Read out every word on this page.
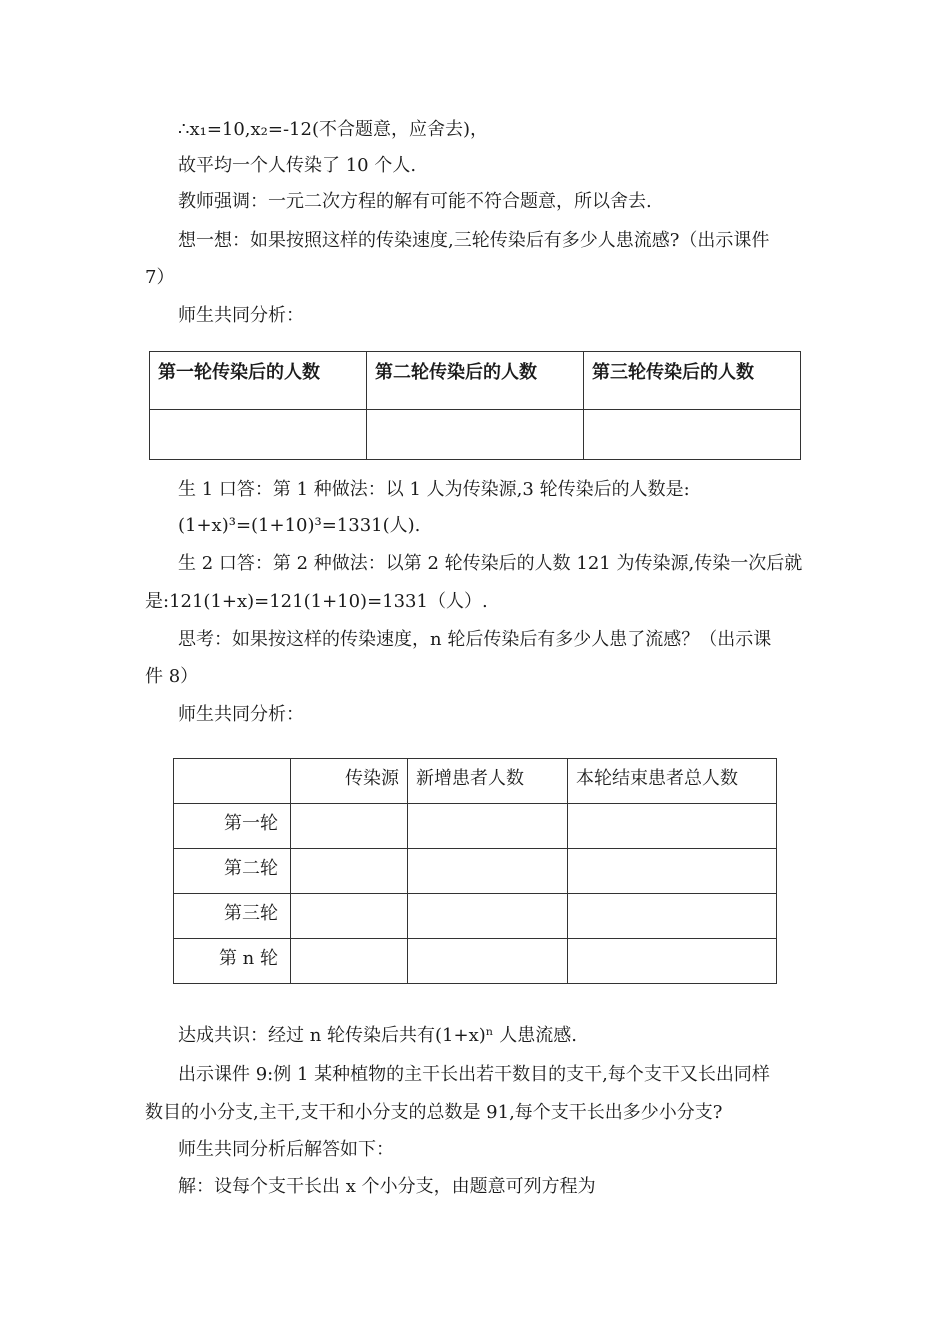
∴x₁=10,x₂=-12(不合题意，应舍去)，
故平均一个人传染了 10 个人.
教师强调：一元二次方程的解有可能不符合题意，所以舍去.
想一想：如果按照这样的传染速度,三轮传染后有多少人患流感?（出示课件
7）
师生共同分析：
第一轮传染后的人数	第二轮传染后的人数	第三轮传染后的人数

生 1 口答：第 1 种做法：以 1 人为传染源,3 轮传染后的人数是:
(1+x)³=(1+10)³=1331(人).
生 2 口答：第 2 种做法：以第 2 轮传染后的人数 121 为传染源,传染一次后就
是:121(1+x)=121(1+10)=1331（人）.
思考：如果按这样的传染速度，n 轮后传染后有多少人患了流感？（出示课
件 8）
师生共同分析：
	传染源	新增患者人数	本轮结束患者总人数
第一轮			
第二轮			
第三轮			
第 n 轮			
达成共识：经过 n 轮传染后共有(1+x)ⁿ 人患流感.
出示课件 9:例 1 某种植物的主干长出若干数目的支干,每个支干又长出同样
数目的小分支,主干,支干和小分支的总数是 91,每个支干长出多少小分支?
师生共同分析后解答如下：
解：设每个支干长出 x 个小分支，由题意可列方程为
